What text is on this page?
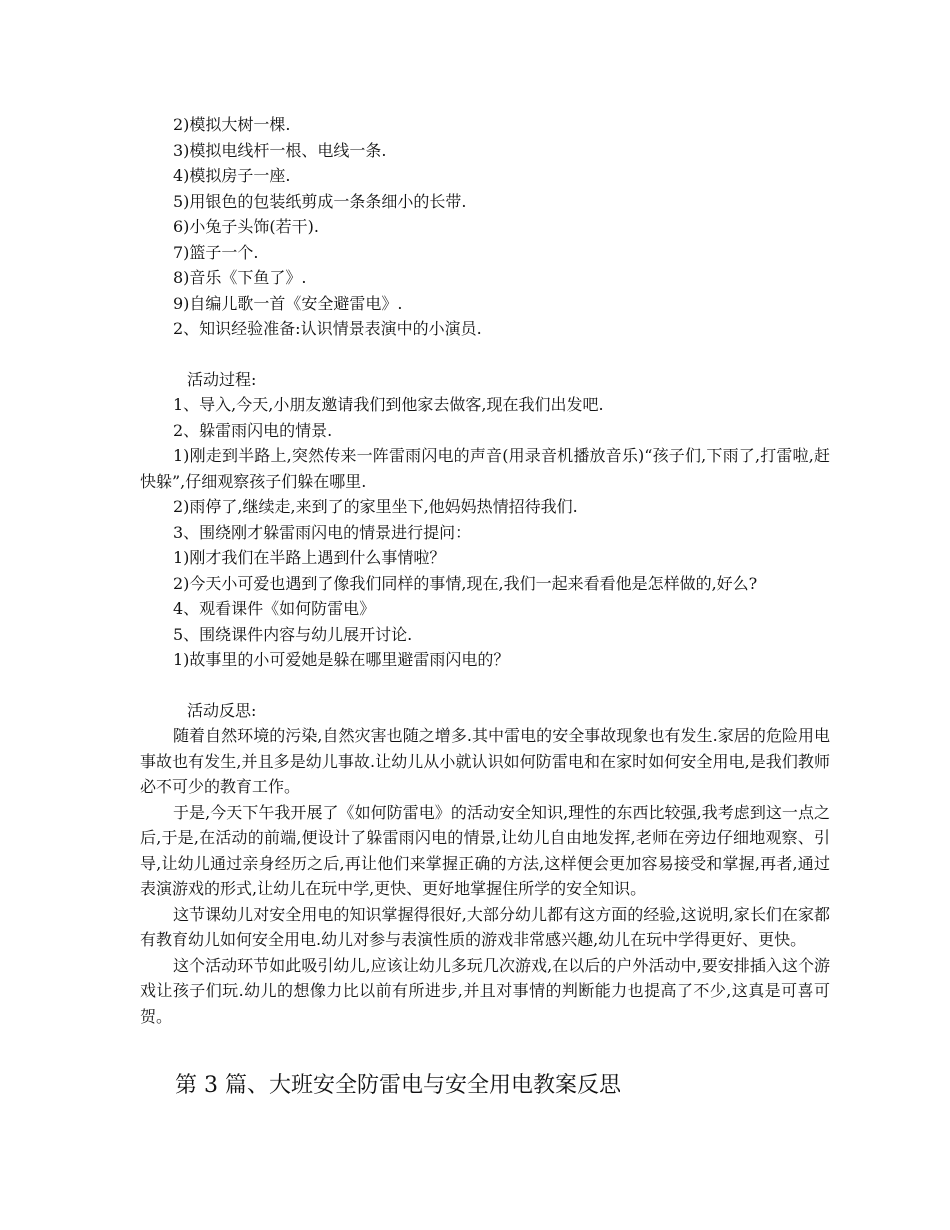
2)模拟大树一棵.
3)模拟电线杆一根、电线一条.
4)模拟房子一座.
5)用银色的包装纸剪成一条条细小的长带.
6)小兔子头饰(若干).
7)篮子一个.
8)音乐《下鱼了》.
9)自编儿歌一首《安全避雷电》.
2、知识经验准备:认识情景表演中的小演员.
活动过程:
1、导入,今天,小朋友邀请我们到他家去做客,现在我们出发吧.
2、躲雷雨闪电的情景.
1)刚走到半路上,突然传来一阵雷雨闪电的声音(用录音机播放音乐)“孩子们,下雨了,打雷啦,赶快躲”,仔细观察孩子们躲在哪里.
2)雨停了,继续走,来到了的家里坐下,他妈妈热情招待我们.
3、围绕刚才躲雷雨闪电的情景进行提问：
1)刚才我们在半路上遇到什么事情啦？
2)今天小可爱也遇到了像我们同样的事情,现在,我们一起来看看他是怎样做的,好么?
4、观看课件《如何防雷电》
5、围绕课件内容与幼儿展开讨论.
1)故事里的小可爱她是躲在哪里避雷雨闪电的？
活动反思:
随着自然环境的污染,自然灾害也随之增多.其中雷电的安全事故现象也有发生.家居的危险用电事故也有发生,并且多是幼儿事故.让幼儿从小就认识如何防雷电和在家时如何安全用电,是我们教师必不可少的教育工作。
于是,今天下午我开展了《如何防雷电》的活动安全知识,理性的东西比较强,我考虑到这一点之后,于是,在活动的前端,便设计了躲雷雨闪电的情景,让幼儿自由地发挥,老师在旁边仔细地观察、引导,让幼儿通过亲身经历之后,再让他们来掌握正确的方法,这样便会更加容易接受和掌握,再者,通过表演游戏的形式,让幼儿在玩中学,更快、更好地掌握住所学的安全知识。
这节课幼儿对安全用电的知识掌握得很好,大部分幼儿都有这方面的经验,这说明,家长们在家都有教育幼儿如何安全用电.幼儿对参与表演性质的游戏非常感兴趣,幼儿在玩中学得更好、更快。
这个活动环节如此吸引幼儿,应该让幼儿多玩几次游戏,在以后的户外活动中,要安排插入这个游戏让孩子们玩.幼儿的想像力比以前有所进步,并且对事情的判断能力也提高了不少,这真是可喜可贺。
第 3 篇、大班安全防雷电与安全用电教案反思
